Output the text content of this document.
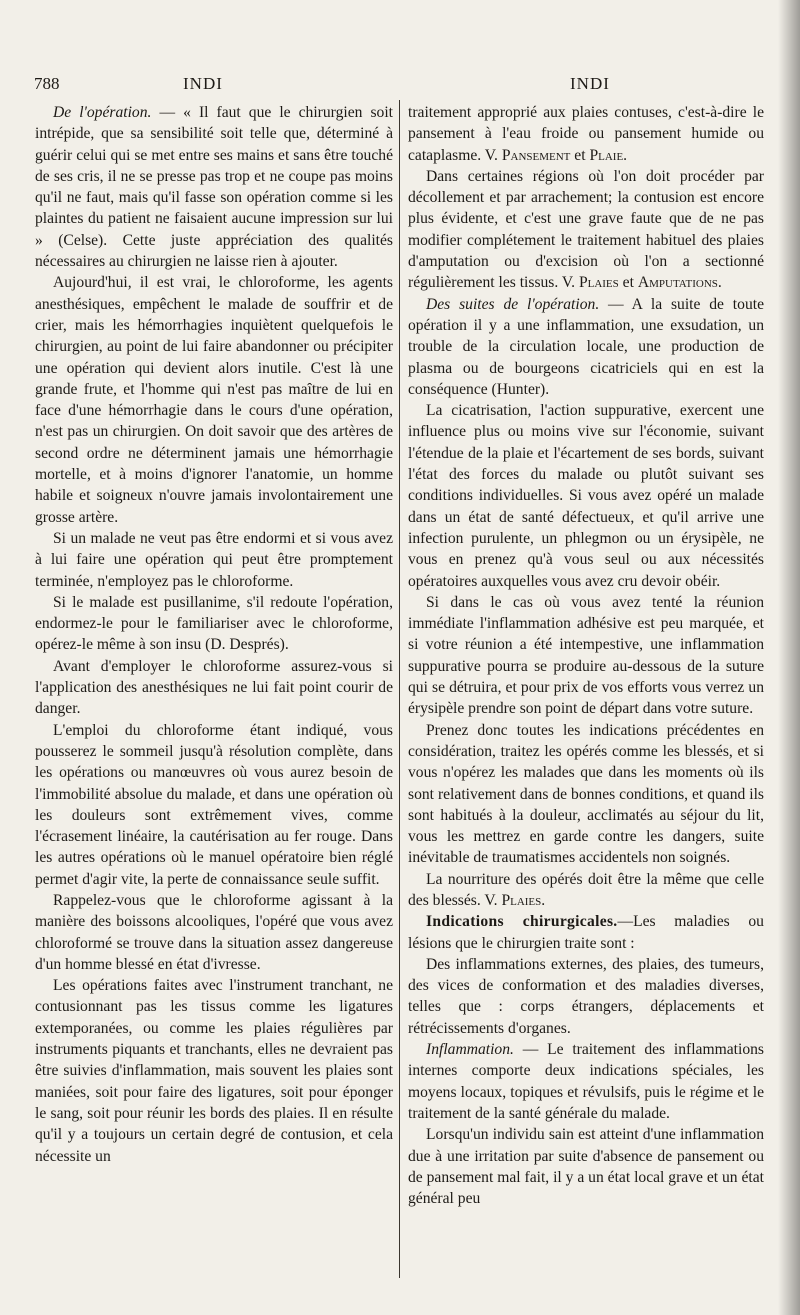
788	INDI	INDI

De l'opération. — « Il faut que le chirurgien soit intrépide, que sa sensibilité soit telle que, déterminé à guérir celui qui se met entre ses mains et sans être touché de ses cris, il ne se presse pas trop et ne coupe pas moins qu'il ne faut, mais qu'il fasse son opération comme si les plaintes du patient ne faisaient aucune impression sur lui » (Celse). Cette juste appréciation des qualités nécessaires au chirurgien ne laisse rien à ajouter.

Aujourd'hui, il est vrai, le chloroforme, les agents anesthésiques, empêchent le malade de souffrir et de crier, mais les hémorrhagies inquiètent quelquefois le chirurgien, au point de lui faire abandonner ou précipiter une opération qui devient alors inutile. C'est là une grande frute, et l'homme qui n'est pas maître de lui en face d'une hémorrhagie dans le cours d'une opération, n'est pas un chirurgien. On doit savoir que des artères de second ordre ne déterminent jamais une hémorrhagie mortelle, et à moins d'ignorer l'anatomie, un homme habile et soigneux n'ouvre jamais involontairement une grosse artère.

Si un malade ne veut pas être endormi et si vous avez à lui faire une opération qui peut être promptement terminée, n'employez pas le chloroforme.

Si le malade est pusillanime, s'il redoute l'opération, endormez-le pour le familiariser avec le chloroforme, opérez-le même à son insu (D. Després).

Avant d'employer le chloroforme assurez-vous si l'application des anesthésiques ne lui fait point courir de danger.

L'emploi du chloroforme étant indiqué, vous pousserez le sommeil jusqu'à résolution complète, dans les opérations ou manœuvres où vous aurez besoin de l'immobilité absolue du malade, et dans une opération où les douleurs sont extrêmement vives, comme l'écrasement linéaire, la cautérisation au fer rouge. Dans les autres opérations où le manuel opératoire bien réglé permet d'agir vite, la perte de connaissance seule suffit.

Rappelez-vous que le chloroforme agissant à la manière des boissons alcooliques, l'opéré que vous avez chloroformé se trouve dans la situation assez dangereuse d'un homme blessé en état d'ivresse.

Les opérations faites avec l'instrument tranchant, ne contusionnant pas les tissus comme les ligatures extemporanées, ou comme les plaies régulières par instruments piquants et tranchants, elles ne devraient pas être suivies d'inflammation, mais souvent les plaies sont maniées, soit pour faire des ligatures, soit pour éponger le sang, soit pour réunir les bords des plaies. Il en résulte qu'il y a toujours un certain degré de contusion, et cela nécessite un

traitement approprié aux plaies contuses, c'est-à-dire le pansement à l'eau froide ou pansement humide ou cataplasme. V. Pansement et Plaie.

Dans certaines régions où l'on doit procéder par décollement et par arrachement; la contusion est encore plus évidente, et c'est une grave faute que de ne pas modifier complétement le traitement habituel des plaies d'amputation ou d'excision où l'on a sectionné régulièrement les tissus. V. Plaies et Amputations.

Des suites de l'opération. — A la suite de toute opération il y a une inflammation, une exsudation, un trouble de la circulation locale, une production de plasma ou de bourgeons cicatriciels qui en est la conséquence (Hunter).

La cicatrisation, l'action suppurative, exercent une influence plus ou moins vive sur l'économie, suivant l'étendue de la plaie et l'écartement de ses bords, suivant l'état des forces du malade ou plutôt suivant ses conditions individuelles. Si vous avez opéré un malade dans un état de santé défectueux, et qu'il arrive une infection purulente, un phlegmon ou un érysipèle, ne vous en prenez qu'à vous seul ou aux nécessités opératoires auxquelles vous avez cru devoir obéir.

Si dans le cas où vous avez tenté la réunion immédiate l'inflammation adhésive est peu marquée, et si votre réunion a été intempestive, une inflammation suppurative pourra se produire au-dessous de la suture qui se détruira, et pour prix de vos efforts vous verrez un érysipèle prendre son point de départ dans votre suture.

Prenez donc toutes les indications précédentes en considération, traitez les opérés comme les blessés, et si vous n'opérez les malades que dans les moments où ils sont relativement dans de bonnes conditions, et quand ils sont habitués à la douleur, acclimatés au séjour du lit, vous les mettrez en garde contre les dangers, suite inévitable de traumatismes accidentels non soignés.

La nourriture des opérés doit être la même que celle des blessés. V. Plaies.

Indications chirurgicales.—Les maladies ou lésions que le chirurgien traite sont :

Des inflammations externes, des plaies, des tumeurs, des vices de conformation et des maladies diverses, telles que : corps étrangers, déplacements et rétrécissements d'organes.

Inflammation. — Le traitement des inflammations internes comporte deux indications spéciales, les moyens locaux, topiques et révulsifs, puis le régime et le traitement de la santé générale du malade.

Lorsqu'un individu sain est atteint d'une inflammation due à une irritation par suite d'absence de pansement ou de pansement mal fait, il y a un état local grave et un état général peu
